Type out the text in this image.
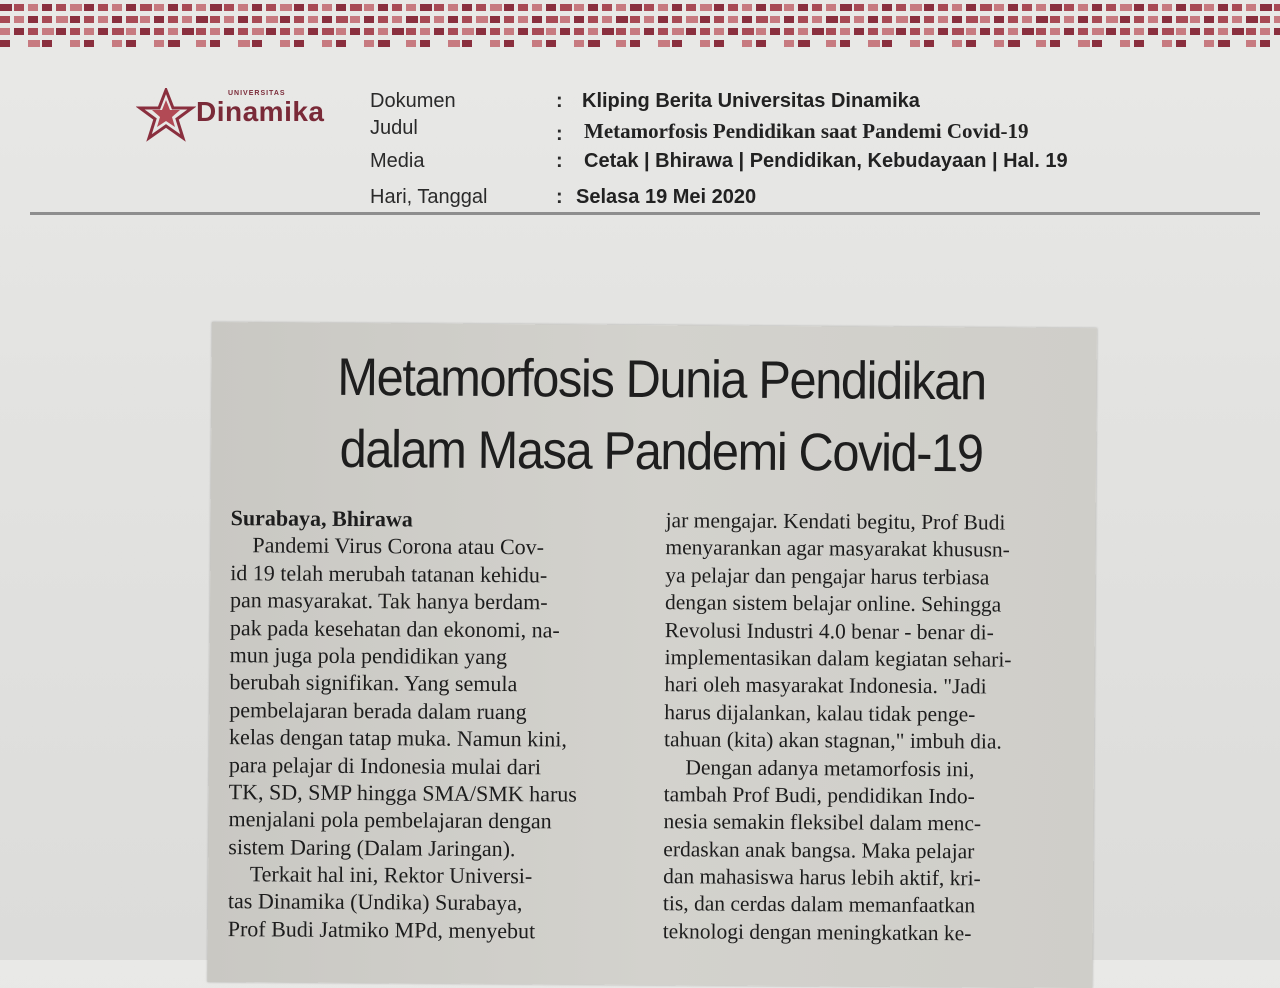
UNIVERSITAS
Dinamika Dokumen	: Kliping Berita Universitas Dinamika
Judul	: Metamorfosis Pendidikan saat Pandemi Covid-19
Media	: Cetak | Bhirawa | Pendidikan, Kebudayaan | Hal. 19
Hari, Tanggal	: Selasa 19 Mei 2020
Metamorfosis Dunia Pendidikan
dalam Masa Pandemi Covid-19
Surabaya, Bhirawa
Pandemi Virus Corona atau Cov-
id 19 telah merubah tatanan kehidu-
pan masyarakat. Tak hanya berdam-
pak pada kesehatan dan ekonomi, na-
mun juga pola pendidikan yang
berubah signifikan. Yang semula
pembelajaran berada dalam ruang
kelas dengan tatap muka. Namun kini,
para pelajar di Indonesia mulai dari
TK, SD, SMP hingga SMA/SMK harus
menjalani pola pembelajaran dengan
sistem Daring (Dalam Jaringan).
Terkait hal ini, Rektor Universi-
tas Dinamika (Undika) Surabaya,
Prof Budi Jatmiko MPd, menyebut
jar mengajar. Kendati begitu, Prof Budi
menyarankan agar masyarakat khususn-
ya pelajar dan pengajar harus terbiasa
dengan sistem belajar online. Sehingga
Revolusi Industri 4.0 benar - benar di-
implementasikan dalam kegiatan sehari-
hari oleh masyarakat Indonesia. "Jadi
harus dijalankan, kalau tidak penge-
tahuan (kita) akan stagnan," imbuh dia.
Dengan adanya metamorfosis ini,
tambah Prof Budi, pendidikan Indo-
nesia semakin fleksibel dalam menc-
erdaskan anak bangsa. Maka pelajar
dan mahasiswa harus lebih aktif, kri-
tis, dan cerdas dalam memanfaatkan
teknologi dengan meningkatkan ke-
